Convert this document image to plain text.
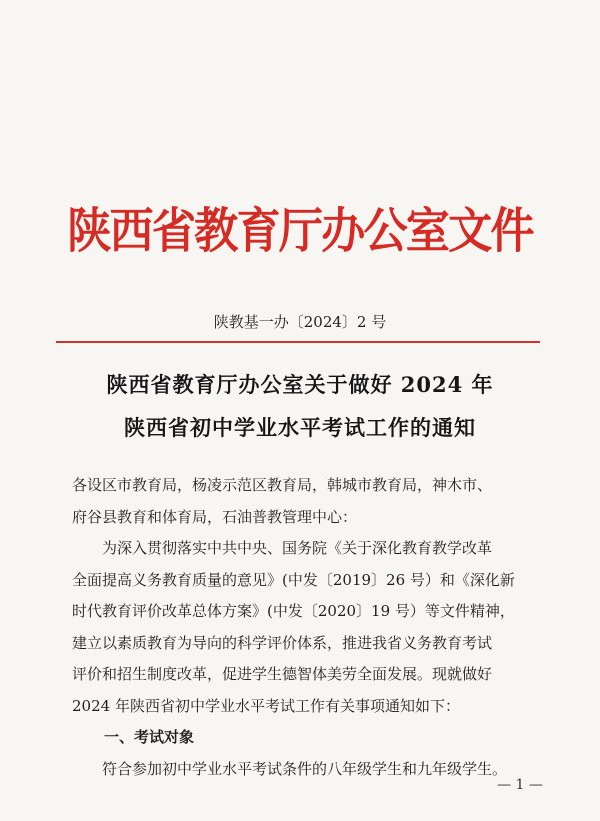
陕西省教育厅办公室文件
陕教基一办〔2024〕2 号
陕西省教育厅办公室关于做好 2024 年
陕西省初中学业水平考试工作的通知
各设区市教育局，杨凌示范区教育局，韩城市教育局，神木市、
府谷县教育和体育局，石油普教管理中心：
　　为深入贯彻落实中共中央、国务院《关于深化教育教学改革
全面提高义务教育质量的意见》(中发〔2019〕26 号）和《深化新
时代教育评价改革总体方案》(中发〔2020〕19 号）等文件精神，
建立以素质教育为导向的科学评价体系，推进我省义务教育考试
评价和招生制度改革，促进学生德智体美劳全面发展。现就做好
2024 年陕西省初中学业水平考试工作有关事项通知如下：
一、考试对象
　　符合参加初中学业水平考试条件的八年级学生和九年级学生。
— 1 —
